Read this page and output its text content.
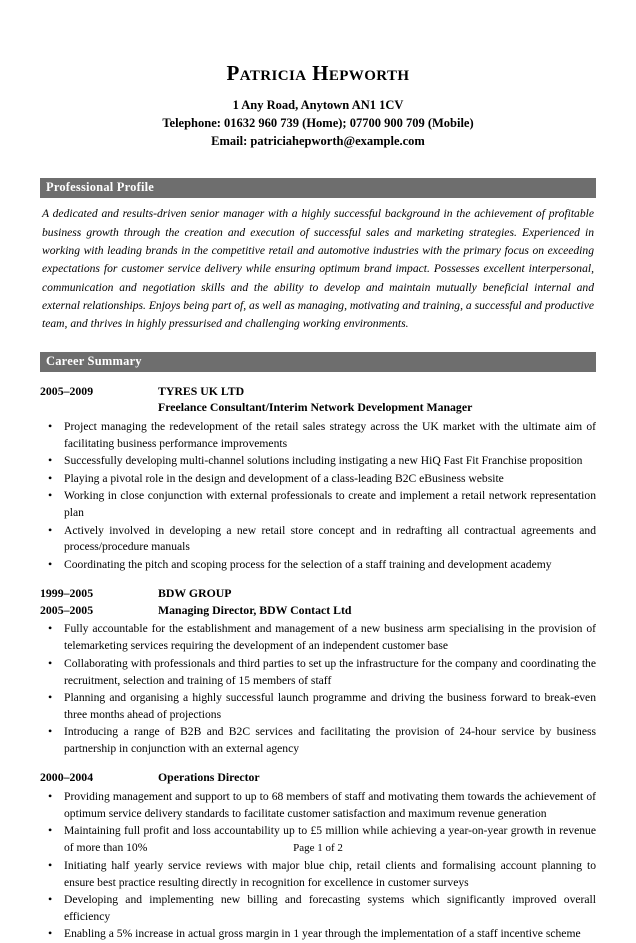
Patricia Hepworth
1 Any Road, Anytown AN1 1CV
Telephone: 01632 960 739 (Home); 07700 900 709 (Mobile)
Email: patriciahepworth@example.com
Professional Profile

A dedicated and results-driven senior manager with a highly successful background in the achievement of profitable business growth through the creation and execution of successful sales and marketing strategies. Experienced in working with leading brands in the competitive retail and automotive industries with the primary focus on exceeding expectations for customer service delivery while ensuring optimum brand impact. Possesses excellent interpersonal, communication and negotiation skills and the ability to develop and maintain mutually beneficial internal and external relationships. Enjoys being part of, as well as managing, motivating and training, a successful and productive team, and thrives in highly pressurised and challenging working environments.

Career Summary
2005–2009	TYRES UK LTD
Freelance Consultant/Interim Network Development Manager
• Project managing the redevelopment of the retail sales strategy across the UK market with the ultimate aim of facilitating business performance improvements
• Successfully developing multi-channel solutions including instigating a new HiQ Fast Fit Franchise proposition
• Playing a pivotal role in the design and development of a class-leading B2C eBusiness website
• Working in close conjunction with external professionals to create and implement a retail network representation plan
• Actively involved in developing a new retail store concept and in redrafting all contractual agreements and process/procedure manuals
• Coordinating the pitch and scoping process for the selection of a staff training and development academy
1999–2005	BDW GROUP
2005–2005	Managing Director, BDW Contact Ltd
• Fully accountable for the establishment and management of a new business arm specialising in the provision of telemarketing services requiring the development of an independent customer base
• Collaborating with professionals and third parties to set up the infrastructure for the company and coordinating the recruitment, selection and training of 15 members of staff
• Planning and organising a highly successful launch programme and driving the business forward to break-even three months ahead of projections
• Introducing a range of B2B and B2C services and facilitating the provision of 24-hour service by business partnership in conjunction with an external agency
2000–2004	Operations Director
• Providing management and support to up to 68 members of staff and motivating them towards the achievement of optimum service delivery standards to facilitate customer satisfaction and maximum revenue generation
• Maintaining full profit and loss accountability up to £5 million while achieving a year-on-year growth in revenue of more than 10%
• Initiating half yearly service reviews with major blue chip, retail clients and formalising account planning to ensure best practice resulting directly in recognition for excellence in customer surveys
• Developing and implementing new billing and forecasting systems which significantly improved overall efficiency
• Enabling a 5% increase in actual gross margin in 1 year through the implementation of a staff incentive scheme
Page 1 of 2
